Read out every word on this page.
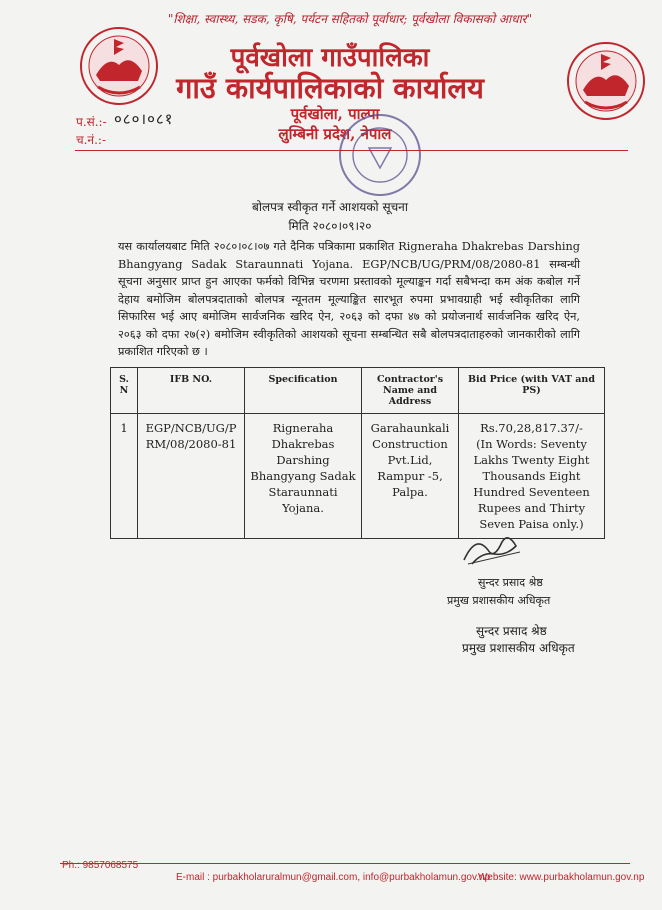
"शिक्षा, स्वास्थ्य, सडक, कृषि, पर्यटन सहितको पूर्वाधार; पूर्वखोला विकासको आधार"
पूर्वखोला गाउँपालिका
गाउँ कार्यपालिकाको कार्यालय
पूर्वखोला, पाल्पा
लुम्बिनी प्रदेश, नेपाल
प.सं.:- ०८०।०८१
च.नं.:-
बोलपत्र स्वीकृत गर्ने आशयको सूचना
मिति २०८०।०९।२०
यस कार्यालयबाट मिति २०८०।०८।०७ गते दैनिक पत्रिकामा प्रकाशित Rigneraha Dhakrebas Darshing Bhangyang Sadak Staraunnati Yojana. EGP/NCB/UG/PRM/08/2080-81 सम्बन्धी सूचना अनुसार प्राप्त हुन आएका फर्मको विभिन्न चरणमा प्रस्तावको मूल्याङ्कन गर्दा सबैभन्दा कम अंक कबोल गर्ने देहाय बमोजिम बोलपत्रदाताको बोलपत्र न्यूनतम मूल्याङ्कित सारभूत रुपमा प्रभावग्राही भई स्वीकृतिका लागि सिफारिस भई आए बमोजिम सार्वजनिक खरिद ऐन, २०६३ को दफा ४७ को प्रयोजनार्थ सार्वजनिक खरिद ऐन, २०६३ को दफा २७(२) बमोजिम स्वीकृतिको आशयको सूचना सम्बन्धित सबै बोलपत्रदाताहरुको जानकारीको लागि प्रकाशित गरिएको छ ।
S. N	IFB NO.	Specification	Contractor's Name and Address	Bid Price (with VAT and PS)
1	EGP/NCB/UG/P RM/08/2080-81	Rigneraha Dhakrebas Darshing Bhangyang Sadak Staraunnati Yojana.	Garahaunkali Construction Pvt.Lid, Rampur -5, Palpa.	Rs.70,28,817.37/-
(In Words: Seventy Lakhs Twenty Eight Thousands Eight Hundred Seventeen Rupees and Thirty Seven Paisa only.)
सुन्दर प्रसाद श्रेष्ठ
प्रमुख प्रशासकीय अधिकृत
सुन्दर प्रसाद श्रेष्ठ
प्रमुख प्रशासकीय अधिकृत
Ph.: 9857068575
E-mail : purbakholaruralmun@gmail.com, info@purbakholamun.gov.np
Website: www.purbakholamun.gov.np
